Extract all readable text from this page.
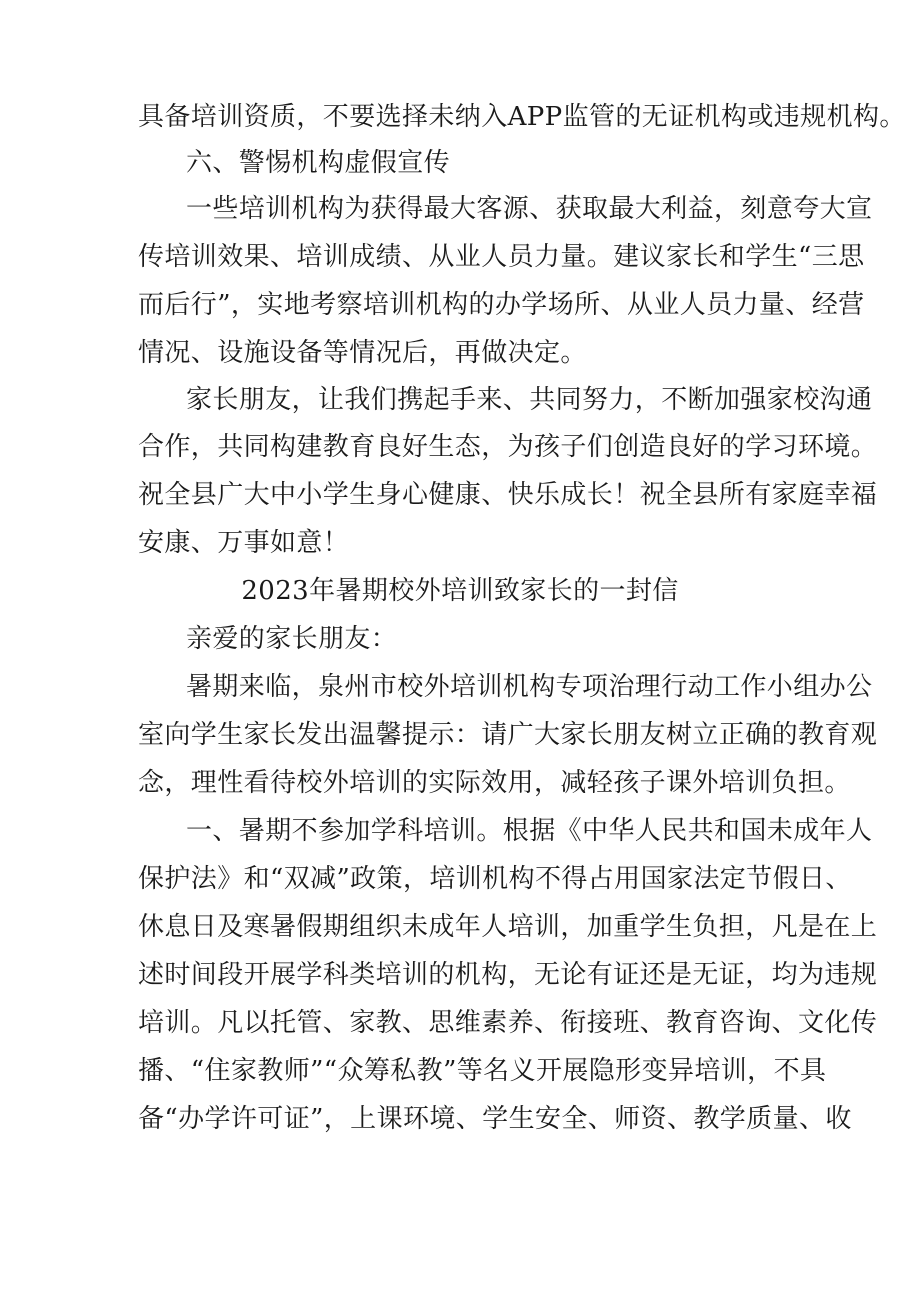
具备培训资质，不要选择未纳入APP监管的无证机构或违规机构。
六、警惕机构虚假宣传
一些培训机构为获得最大客源、获取最大利益，刻意夸大宣
传培训效果、培训成绩、从业人员力量。建议家长和学生“三思
而后行”，实地考察培训机构的办学场所、从业人员力量、经营
情况、设施设备等情况后，再做决定。
家长朋友，让我们携起手来、共同努力，不断加强家校沟通
合作，共同构建教育良好生态，为孩子们创造良好的学习环境。
祝全县广大中小学生身心健康、快乐成长！祝全县所有家庭幸福
安康、万事如意！
2023年暑期校外培训致家长的一封信
亲爱的家长朋友：
暑期来临，泉州市校外培训机构专项治理行动工作小组办公
室向学生家长发出温馨提示：请广大家长朋友树立正确的教育观
念，理性看待校外培训的实际效用，减轻孩子课外培训负担。
一、暑期不参加学科培训。根据《中华人民共和国未成年人
保护法》和“双减”政策，培训机构不得占用国家法定节假日、
休息日及寒暑假期组织未成年人培训，加重学生负担，凡是在上
述时间段开展学科类培训的机构，无论有证还是无证，均为违规
培训。凡以托管、家教、思维素养、衔接班、教育咨询、文化传
播、“住家教师”“众筹私教”等名义开展隐形变异培训，不具
备“办学许可证”，上课环境、学生安全、师资、教学质量、收
